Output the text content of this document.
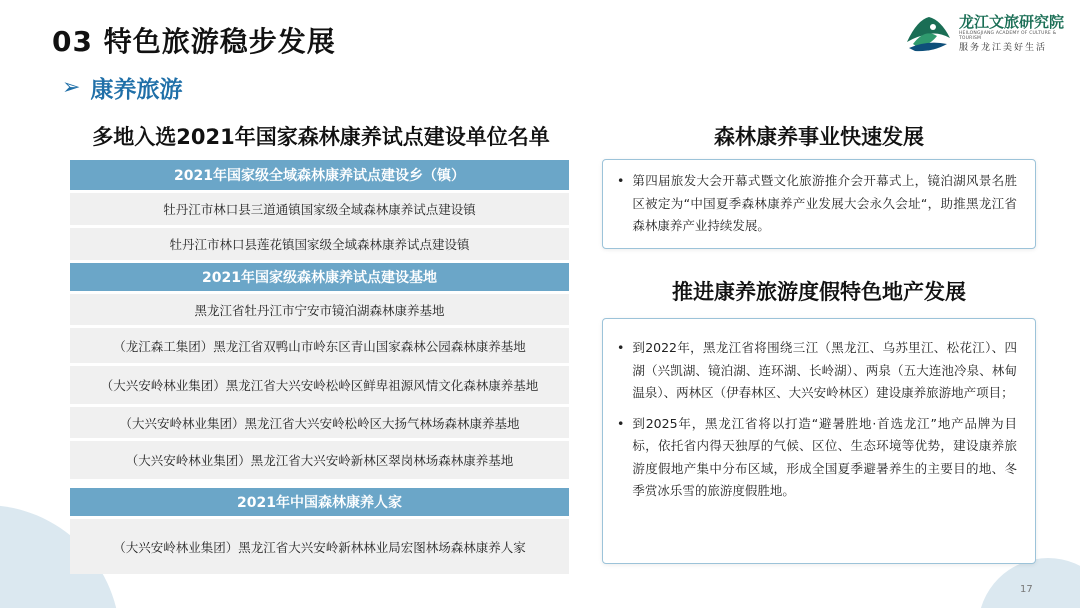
03 特色旅游稳步发展
➢ 康养旅游
龙江文旅研究院
HEILONGJIANG ACADEMY OF CULTURE & TOURISM
服务龙江美好生活
多地入选2021年国家森林康养试点建设单位名单
2021年国家级全域森林康养试点建设乡（镇）
牡丹江市林口县三道通镇国家级全域森林康养试点建设镇
牡丹江市林口县莲花镇国家级全域森林康养试点建设镇
2021年国家级森林康养试点建设基地
黑龙江省牡丹江市宁安市镜泊湖森林康养基地
（龙江森工集团）黑龙江省双鸭山市岭东区青山国家森林公园森林康养基地
（大兴安岭林业集团）黑龙江省大兴安岭松岭区鲜卑祖源风情文化森林康养基地
（大兴安岭林业集团）黑龙江省大兴安岭松岭区大扬气林场森林康养基地
（大兴安岭林业集团）黑龙江省大兴安岭新林区翠岗林场森林康养基地
2021年中国森林康养人家
（大兴安岭林业集团）黑龙江省大兴安岭新林林业局宏图林场森林康养人家
森林康养事业快速发展
• 第四届旅发大会开幕式暨文化旅游推介会开幕式上，镜泊湖风景名胜区被定为“中国夏季森林康养产业发展大会永久会址“，助推黑龙江省森林康养产业持续发展。
推进康养旅游度假特色地产发展
• 到2022年，黑龙江省将围绕三江（黑龙江、乌苏里江、松花江）、四湖（兴凯湖、镜泊湖、连环湖、长岭湖）、两泉（五大连池冷泉、林甸温泉）、两林区（伊春林区、大兴安岭林区）建设康养旅游地产项目；
• 到2025年，黑龙江省将以打造“避暑胜地·首选龙江”地产品牌为目标，依托省内得天独厚的气候、区位、生态环境等优势，建设康养旅游度假地产集中分布区域，形成全国夏季避暑养生的主要目的地、冬季赏冰乐雪的旅游度假胜地。
17
